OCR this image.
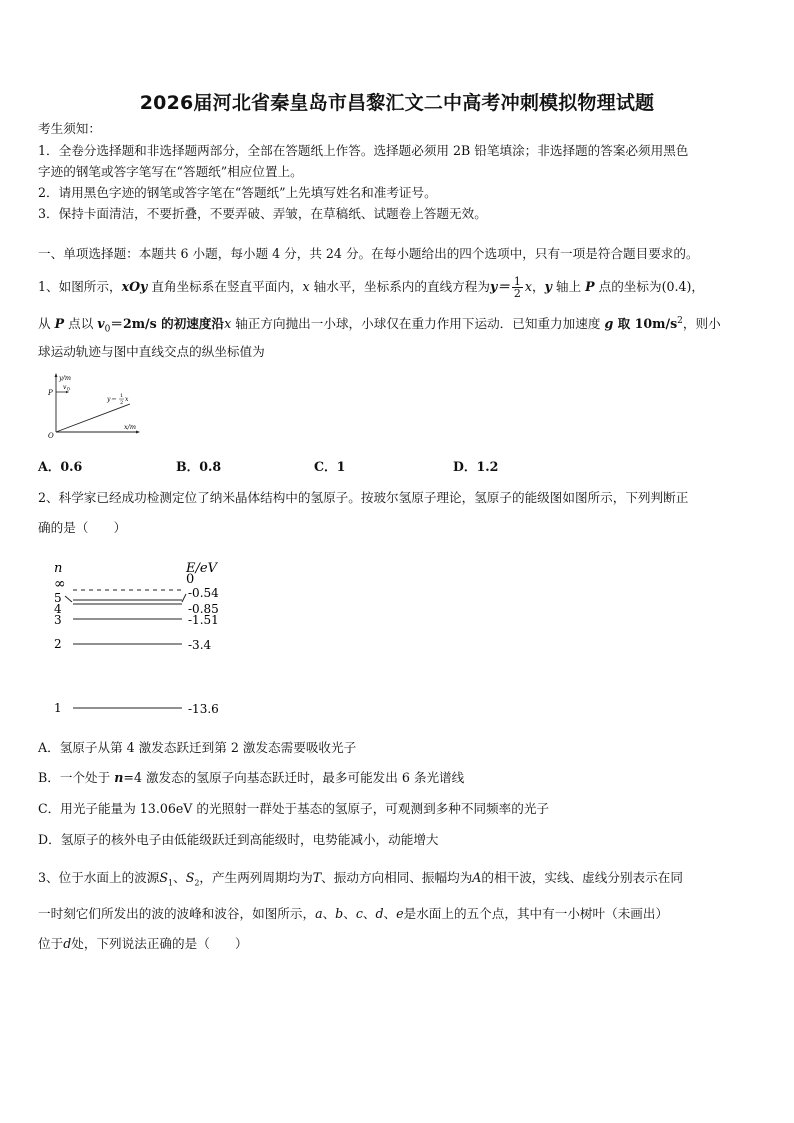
2026届河北省秦皇岛市昌黎汇文二中高考冲刺模拟物理试题
考生须知：
1．全卷分选择题和非选择题两部分，全部在答题纸上作答。选择题必须用 2B 铅笔填涂；非选择题的答案必须用黑色
字迹的钢笔或答字笔写在“答题纸”相应位置上。
2．请用黑色字迹的钢笔或答字笔在“答题纸”上先填写姓名和准考证号。
3．保持卡面清洁，不要折叠，不要弄破、弄皱，在草稿纸、试题卷上答题无效。
一、单项选择题：本题共 6 小题，每小题 4 分，共 24 分。在每小题给出的四个选项中，只有一项是符合题目要求的。
1、如图所示，xOy 直角坐标系在竖直平面内，x 轴水平，坐标系内的直线方程为$y= \frac{1}{2}$ x，y 轴上 P 点的坐标为(0.4)，
从 P 点以 $v_0=2m/s$ 的初速度沿x 轴正方向抛出一小球，小球仅在重力作用下运动．已知重力加速度 g 取 $10m/s^2$，则小
球运动轨迹与图中直线交点的纵坐标值为
y/m
x/m
P
O
v 0
y＝ 1
2 x
A．0.6	B．0.8	C．1	D．1.2
2、科学家已经成功检测定位了纳米晶体结构中的氢原子。按玻尔氢原子理论，氢原子的能级图如图所示，下列判断正
确的是（　　）
n	E/eV
∞	0
5	-0.54
4	-0.85
3	-1.51
2	-3.4
1	-13.6
A．氢原子从第 4 激发态跃迁到第 2 激发态需要吸收光子
B．一个处于 n=4 激发态的氢原子向基态跃迁时，最多可能发出 6 条光谱线
C．用光子能量为 13.06eV 的光照射一群处于基态的氢原子，可观测到多种不同频率的光子
D．氢原子的核外电子由低能级跃迁到高能级时，电势能减小，动能增大
3、位于水面上的波源$S_1$、$S_2$，产生两列周期均为T、振动方向相同、振幅均为A的相干波，实线、虚线分别表示在同
一时刻它们所发出的波的波峰和波谷，如图所示，a、b、c、d、e是水面上的五个点，其中有一小树叶（未画出）
位于d处，下列说法正确的是（　　）
